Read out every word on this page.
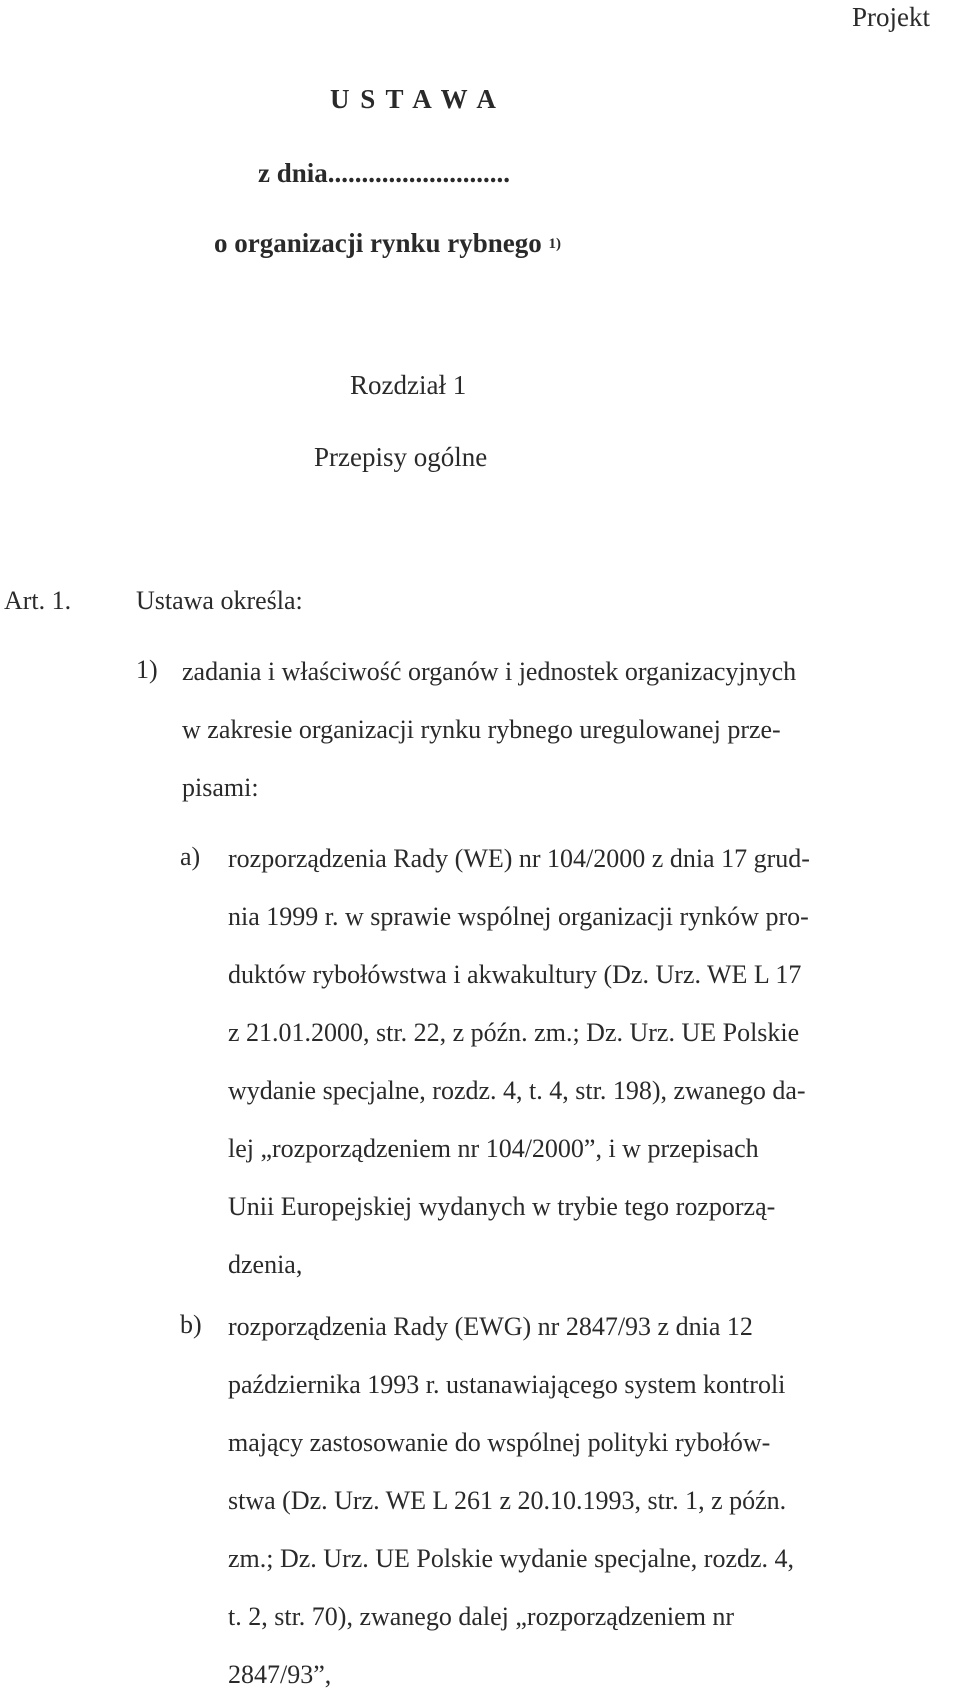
Projekt
U S T A W A
z dnia...........................
o organizacji rynku rybnego $^{1)}$
Rozdział 1
Przepisy ogólne
Art. 1. Ustawa określa:
1) zadania i właściwość organów i jednostek organizacyjnych

w zakresie organizacji rynku rybnego uregulowanej prze-

pisami:

a) rozporządzenia Rady (WE) nr 104/2000 z dnia 17 grud-

nia 1999 r. w sprawie wspólnej organizacji rynków pro-

duktów rybołówstwa i akwakultury (Dz. Urz. WE L 17

z 21.01.2000, str. 22, z późn. zm.; Dz. Urz. UE Polskie

wydanie specjalne, rozdz. 4, t. 4, str. 198), zwanego da-

lej „rozporządzeniem nr 104/2000”, i w przepisach

Unii Europejskiej wydanych w trybie tego rozporzą-

dzenia,

b) rozporządzenia Rady (EWG) nr 2847/93 z dnia 12

października 1993 r. ustanawiającego system kontroli

mający zastosowanie do wspólnej polityki rybołów-

stwa (Dz. Urz. WE L 261 z 20.10.1993, str. 1, z późn.

zm.; Dz. Urz. UE Polskie wydanie specjalne, rozdz. 4,

t. 2, str. 70), zwanego dalej „rozporządzeniem nr

2847/93”,
